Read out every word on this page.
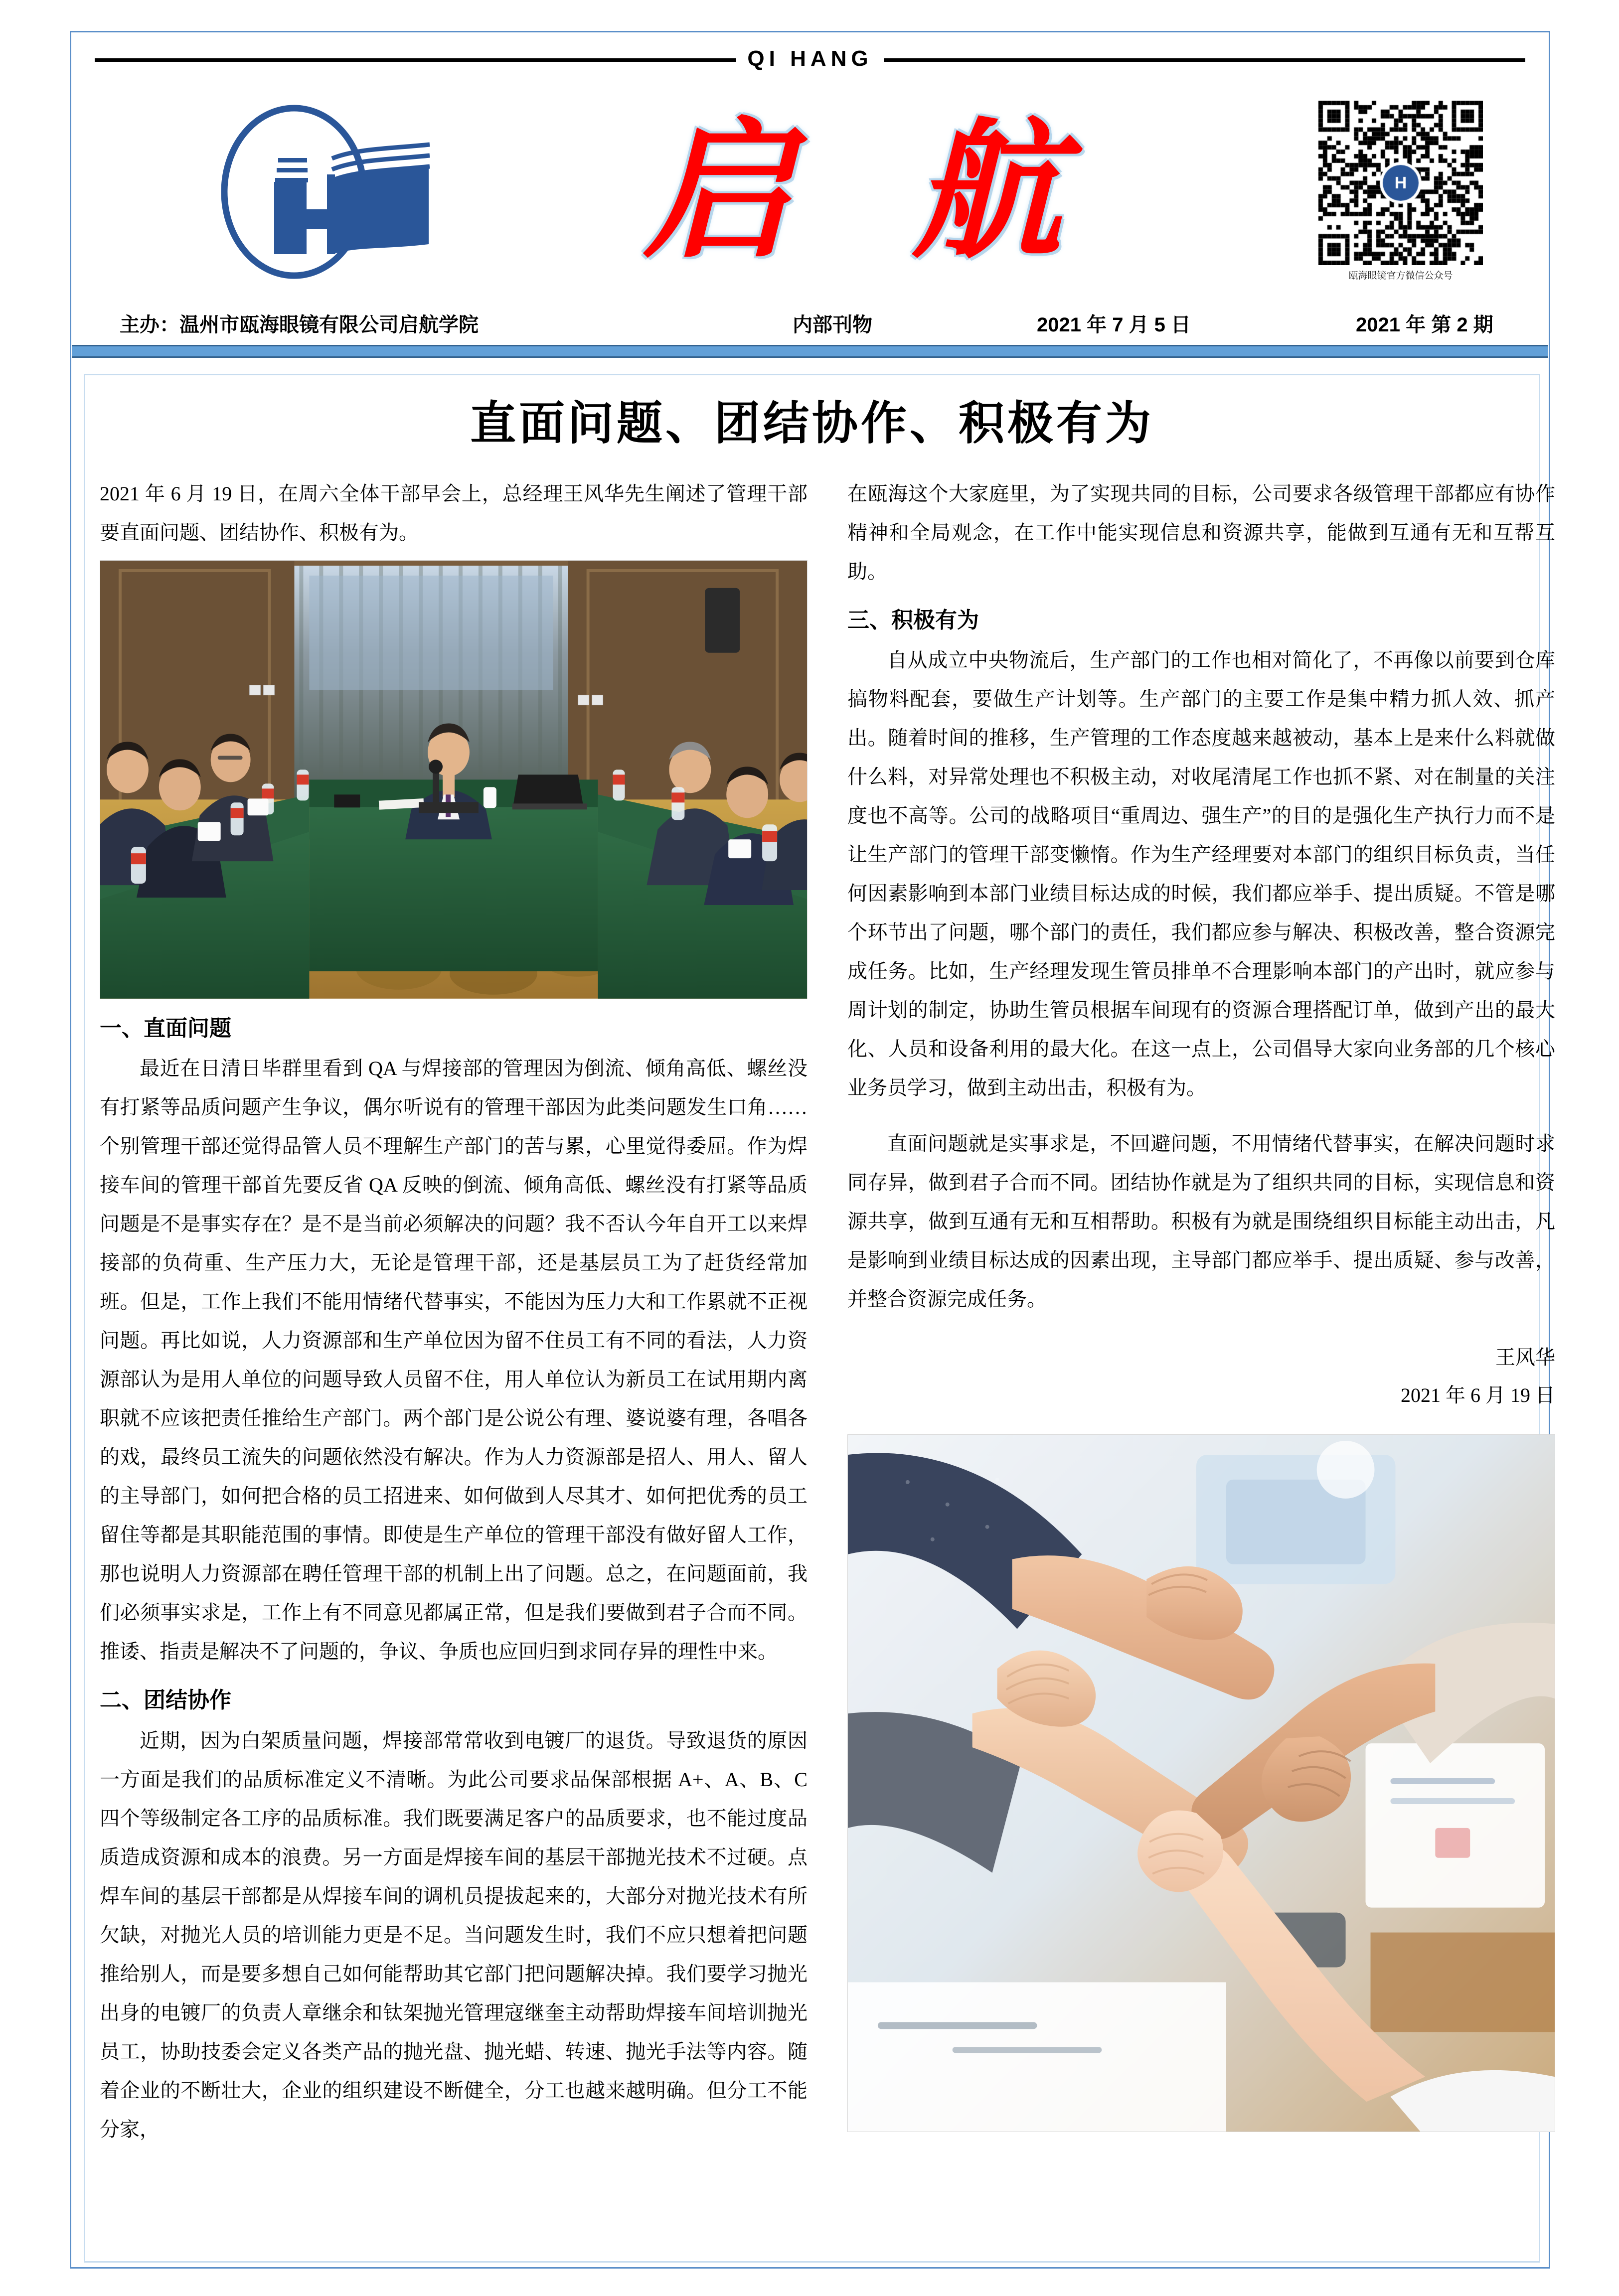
QI HANG
启 航
瓯海眼镜官方微信公众号
主办：温州市瓯海眼镜有限公司启航学院	内部刊物	2021 年 7 月 5 日	2021 年 第 2 期
直面问题、团结协作、积极有为

2021 年 6 月 19 日，在周六全体干部早会上，总经理王风华先生阐述了管理干部要直面问题、团结协作、积极有为。

一、直面问题

最近在日清日毕群里看到 QA 与焊接部的管理因为倒流、倾角高低、螺丝没有打紧等品质问题产生争议，偶尔听说有的管理干部因为此类问题发生口角……个别管理干部还觉得品管人员不理解生产部门的苦与累，心里觉得委屈。作为焊接车间的管理干部首先要反省 QA 反映的倒流、倾角高低、螺丝没有打紧等品质问题是不是事实存在？是不是当前必须解决的问题？我不否认今年自开工以来焊接部的负荷重、生产压力大，无论是管理干部，还是基层员工为了赶货经常加班。但是，工作上我们不能用情绪代替事实，不能因为压力大和工作累就不正视问题。再比如说，人力资源部和生产单位因为留不住员工有不同的看法，人力资源部认为是用人单位的问题导致人员留不住，用人单位认为新员工在试用期内离职就不应该把责任推给生产部门。两个部门是公说公有理、婆说婆有理，各唱各的戏，最终员工流失的问题依然没有解决。作为人力资源部是招人、用人、留人的主导部门，如何把合格的员工招进来、如何做到人尽其才、如何把优秀的员工留住等都是其职能范围的事情。即使是生产单位的管理干部没有做好留人工作，那也说明人力资源部在聘任管理干部的机制上出了问题。总之，在问题面前，我们必须事实求是，工作上有不同意见都属正常，但是我们要做到君子合而不同。推诿、指责是解决不了问题的，争议、争质也应回归到求同存异的理性中来。

二、团结协作

近期，因为白架质量问题，焊接部常常收到电镀厂的退货。导致退货的原因一方面是我们的品质标准定义不清晰。为此公司要求品保部根据 A+、A、B、C 四个等级制定各工序的品质标准。我们既要满足客户的品质要求，也不能过度品质造成资源和成本的浪费。另一方面是焊接车间的基层干部抛光技术不过硬。点焊车间的基层干部都是从焊接车间的调机员提拔起来的，大部分对抛光技术有所欠缺，对抛光人员的培训能力更是不足。当问题发生时，我们不应只想着把问题推给别人，而是要多想自己如何能帮助其它部门把问题解决掉。我们要学习抛光出身的电镀厂的负责人章继余和钛架抛光管理寇继奎主动帮助焊接车间培训抛光员工，协助技委会定义各类产品的抛光盘、抛光蜡、转速、抛光手法等内容。随着企业的不断壮大，企业的组织建设不断健全，分工也越来越明确。但分工不能分家，

在瓯海这个大家庭里，为了实现共同的目标，公司要求各级管理干部都应有协作精神和全局观念，在工作中能实现信息和资源共享，能做到互通有无和互帮互助。

三、积极有为

自从成立中央物流后，生产部门的工作也相对简化了，不再像以前要到仓库搞物料配套，要做生产计划等。生产部门的主要工作是集中精力抓人效、抓产出。随着时间的推移，生产管理的工作态度越来越被动，基本上是来什么料就做什么料，对异常处理也不积极主动，对收尾清尾工作也抓不紧、对在制量的关注度也不高等。公司的战略项目“重周边、强生产”的目的是强化生产执行力而不是让生产部门的管理干部变懒惰。作为生产经理要对本部门的组织目标负责，当任何因素影响到本部门业绩目标达成的时候，我们都应举手、提出质疑。不管是哪个环节出了问题，哪个部门的责任，我们都应参与解决、积极改善，整合资源完成任务。比如，生产经理发现生管员排单不合理影响本部门的产出时，就应参与周计划的制定，协助生管员根据车间现有的资源合理搭配订单，做到产出的最大化、人员和设备利用的最大化。在这一点上，公司倡导大家向业务部的几个核心业务员学习，做到主动出击，积极有为。

直面问题就是实事求是，不回避问题，不用情绪代替事实，在解决问题时求同存异，做到君子合而不同。团结协作就是为了组织共同的目标，实现信息和资源共享，做到互通有无和互相帮助。积极有为就是围绕组织目标能主动出击，凡是影响到业绩目标达成的因素出现，主导部门都应举手、提出质疑、参与改善，并整合资源完成任务。

王风华
2021 年 6 月 19 日
